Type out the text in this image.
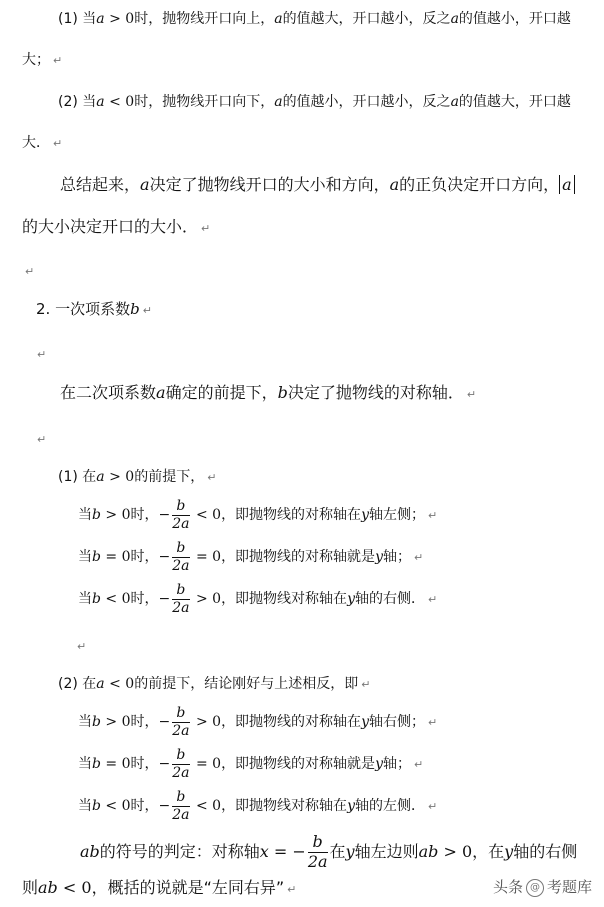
(1) 当a > 0时，抛物线开口向上，a的值越大，开口越小，反之a的值越小，开口越
大； ↵
(2) 当a < 0时，抛物线开口向下，a的值越小，开口越小，反之a的值越大，开口越
大． ↵
总结起来，a决定了抛物线开口的大小和方向，a的正负决定开口方向， a
的大小决定开口的大小． ↵
↵
2. 一次项系数b ↵
↵
在二次项系数a确定的前提下，b决定了抛物线的对称轴． ↵
↵
(1) 在a > 0的前提下， ↵
当b > 0时，− $\frac{b}{2a} < 0$，即抛物线的对称轴在y轴左侧； ↵
当b = 0时，− $\frac{b}{2a} = 0$，即抛物线的对称轴就是y轴； ↵
当b < 0时，− $\frac{b}{2a} > 0$，即抛物线对称轴在y轴的右侧． ↵
↵
(2) 在a < 0的前提下，结论刚好与上述相反，即 ↵
当b > 0时，− $\frac{b}{2a} > 0$，即抛物线的对称轴在y轴右侧； ↵
当b = 0时，− $\frac{b}{2a} = 0$，即抛物线的对称轴就是y轴； ↵
当b < 0时，− $\frac{b}{2a} < 0$，即抛物线对称轴在y轴的左侧． ↵
ab的符号的判定：对称轴x = − $\frac{b}{2a}$ 在y轴左边则ab > 0，在y轴的右侧
则ab < 0，概括的说就是“左同右异” ↵	头条 @ 考题库
